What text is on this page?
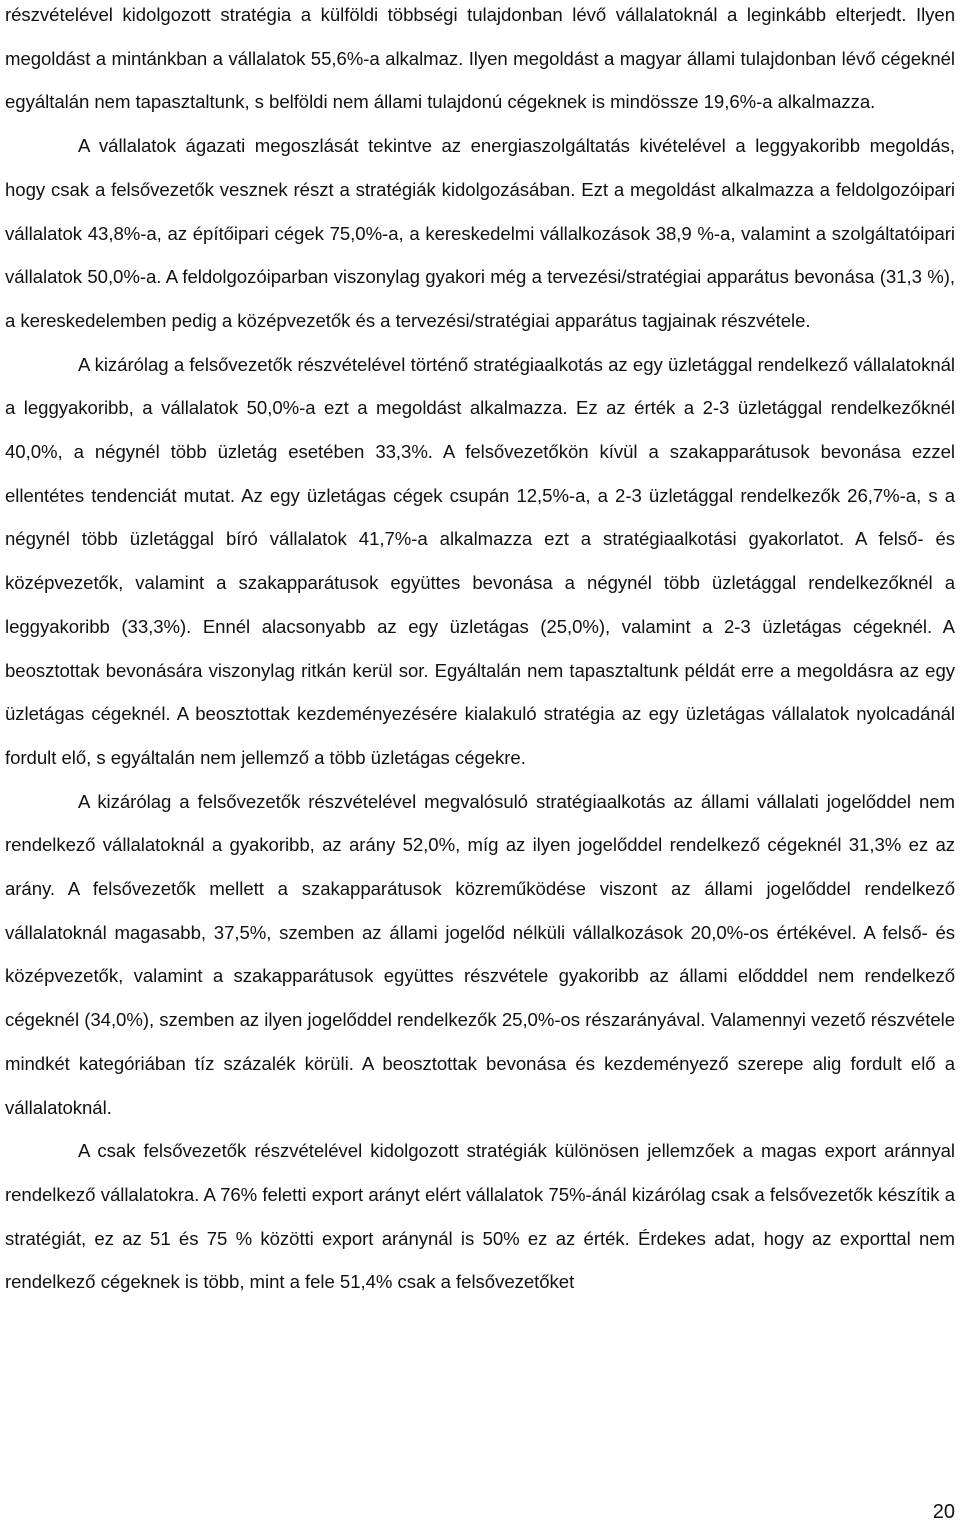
részvételével kidolgozott stratégia a külföldi többségi tulajdonban lévő vállalatoknál a leginkább elterjedt. Ilyen megoldást a mintánkban a vállalatok 55,6%-a alkalmaz. Ilyen megoldást a magyar állami tulajdonban lévő cégeknél egyáltalán nem tapasztaltunk, s belföldi nem állami tulajdonú cégeknek is mindössze 19,6%-a alkalmazza.

A vállalatok ágazati megoszlását tekintve az energiaszolgáltatás kivételével a leggyakoribb megoldás, hogy csak a felsővezetők vesznek részt a stratégiák kidolgozásában. Ezt a megoldást alkalmazza a feldolgozóipari vállalatok 43,8%-a, az építőipari cégek 75,0%-a, a kereskedelmi vállalkozások 38,9 %-a, valamint a szolgáltatóipari vállalatok 50,0%-a. A feldolgozóiparban viszonylag gyakori még a tervezési/stratégiai apparátus bevonása (31,3 %), a kereskedelemben pedig a középvezetők és a tervezési/stratégiai apparátus tagjainak részvétele.

A kizárólag a felsővezetők részvételével történő stratégiaalkotás az egy üzletággal rendelkező vállalatoknál a leggyakoribb, a vállalatok 50,0%-a ezt a megoldást alkalmazza. Ez az érték a 2-3 üzletággal rendelkezőknél 40,0%, a négynél több üzletág esetében 33,3%. A felsővezetőkön kívül a szakapparátusok bevonása ezzel ellentétes tendenciát mutat. Az egy üzletágas cégek csupán 12,5%-a, a 2-3 üzletággal rendelkezők 26,7%-a, s a négynél több üzletággal bíró vállalatok 41,7%-a alkalmazza ezt a stratégiaalkotási gyakorlatot. A felső- és középvezetők, valamint a szakapparátusok együttes bevonása a négynél több üzletággal rendelkezőknél a leggyakoribb (33,3%). Ennél alacsonyabb az egy üzletágas (25,0%), valamint a 2-3 üzletágas cégeknél. A beosztottak bevonására viszonylag ritkán kerül sor. Egyáltalán nem tapasztaltunk példát erre a megoldásra az egy üzletágas cégeknél. A beosztottak kezdeményezésére kialakuló stratégia az egy üzletágas vállalatok nyolcadánál fordult elő, s egyáltalán nem jellemző a több üzletágas cégekre.

A kizárólag a felsővezetők részvételével megvalósuló stratégiaalkotás az állami vállalati jogelőddel nem rendelkező vállalatoknál a gyakoribb, az arány 52,0%, míg az ilyen jogelőddel rendelkező cégeknél 31,3% ez az arány. A felsővezetők mellett a szakapparátusok közreműködése viszont az állami jogelőddel rendelkező vállalatoknál magasabb, 37,5%, szemben az állami jogelőd nélküli vállalkozások 20,0%-os értékével. A felső- és középvezetők, valamint a szakapparátusok együttes részvétele gyakoribb az állami elődddel nem rendelkező cégeknél (34,0%), szemben az ilyen jogelőddel rendelkezők 25,0%-os részarányával. Valamennyi vezető részvétele mindkét kategóriában tíz százalék körüli. A beosztottak bevonása és kezdeményező szerepe alig fordult elő a vállalatoknál.

A csak felsővezetők részvételével kidolgozott stratégiák különösen jellemzőek a magas export aránnyal rendelkező vállalatokra. A 76% feletti export arányt elért vállalatok 75%-ánál kizárólag csak a felsővezetők készítik a stratégiát, ez az 51 és 75 % közötti export aránynál is 50% ez az érték. Érdekes adat, hogy az exporttal nem rendelkező cégeknek is több, mint a fele 51,4% csak a felsővezetőket

20
